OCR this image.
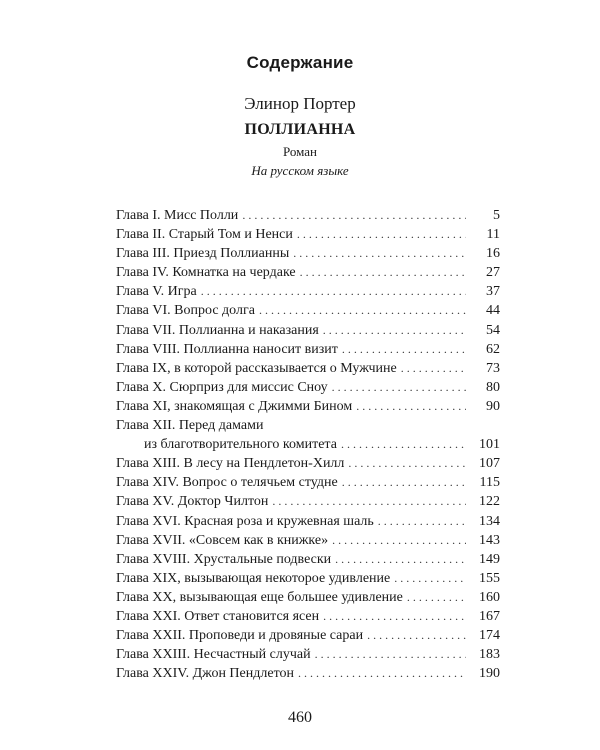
Содержание
Элинор Портер
ПОЛЛИАННА
Роман
На русском языке
Глава I. Мисс Полли . . .	5
Глава II. Старый Том и Ненси . . .	11
Глава III. Приезд Поллианны . . .	16
Глава IV. Комнатка на чердаке . . .	27
Глава V. Игра . . .	37
Глава VI. Вопрос долга . . .	44
Глава VII. Поллианна и наказания . . .	54
Глава VIII. Поллианна наносит визит . . .	62
Глава IX, в которой рассказывается о Мужчине . . .	73
Глава X. Сюрприз для миссис Сноу . . .	80
Глава XI, знакомящая с Джимми Бином . . .	90
Глава XII. Перед дамами
из благотворительного комитета . . .	101
Глава XIII. В лесу на Пендлетон-Хилл . . .	107
Глава XIV. Вопрос о телячьем студне . . .	115
Глава XV. Доктор Чилтон . . .	122
Глава XVI. Красная роза и кружевная шаль . . .	134
Глава XVII. «Совсем как в книжке» . . .	143
Глава XVIII. Хрустальные подвески . . .	149
Глава XIX, вызывающая некоторое удивление . . .	155
Глава XX, вызывающая еще большее удивление . . .	160
Глава XXI. Ответ становится ясен . . .	167
Глава XXII. Проповеди и дровяные сараи . . .	174
Глава XXIII. Несчастный случай . . .	183
Глава XXIV. Джон Пендлетон . . .	190
460
